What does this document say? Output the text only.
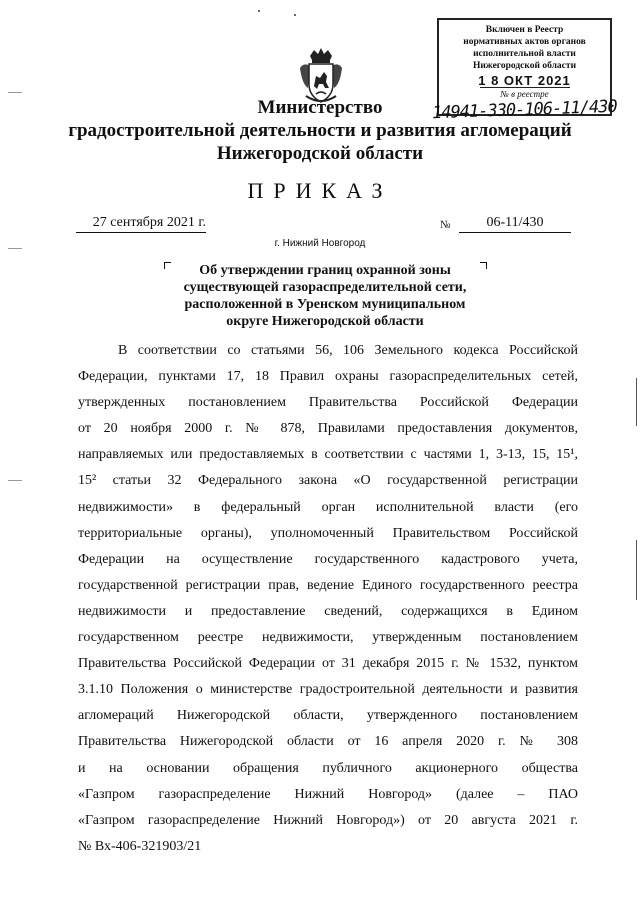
Включен в Реестр
нормативных актов органов
исполнительной власти
Нижегородской области
1 8 ОКТ 2021
№ в реестре
14941-330-106-11/430
Министерство
градостроительной деятельности и развития агломераций
Нижегородской области
ПРИКАЗ
27 сентября 2021 г.	№	06-11/430
г. Нижний Новгород
Об утверждении границ охранной зоны
существующей газораспределительной сети,
расположенной в Уренском муниципальном
округе Нижегородской области
В соответствии со статьями 56, 106 Земельного кодекса Российской
Федерации, пунктами 17, 18 Правил охраны газораспределительных сетей,
утвержденных постановлением Правительства Российской Федерации
от 20 ноября 2000 г. № 878, Правилами предоставления документов,
направляемых или предоставляемых в соответствии с частями 1, 3-13, 15, 15¹,
15² статьи 32 Федерального закона «О государственной регистрации
недвижимости» в федеральный орган исполнительной власти (его
территориальные органы), уполномоченный Правительством Российской
Федерации на осуществление государственного кадастрового учета,
государственной регистрации прав, ведение Единого государственного реестра
недвижимости и предоставление сведений, содержащихся в Едином
государственном реестре недвижимости, утвержденным постановлением
Правительства Российской Федерации от 31 декабря 2015 г. № 1532, пунктом
3.1.10 Положения о министерстве градостроительной деятельности и развития
агломераций Нижегородской области, утвержденного постановлением
Правительства Нижегородской области от 16 апреля 2020 г. № 308
и на основании обращения публичного акционерного общества
«Газпром газораспределение Нижний Новгород» (далее – ПАО
«Газпром газораспределение Нижний Новгород») от 20 августа 2021 г.
№ Вх-406-321903/21
